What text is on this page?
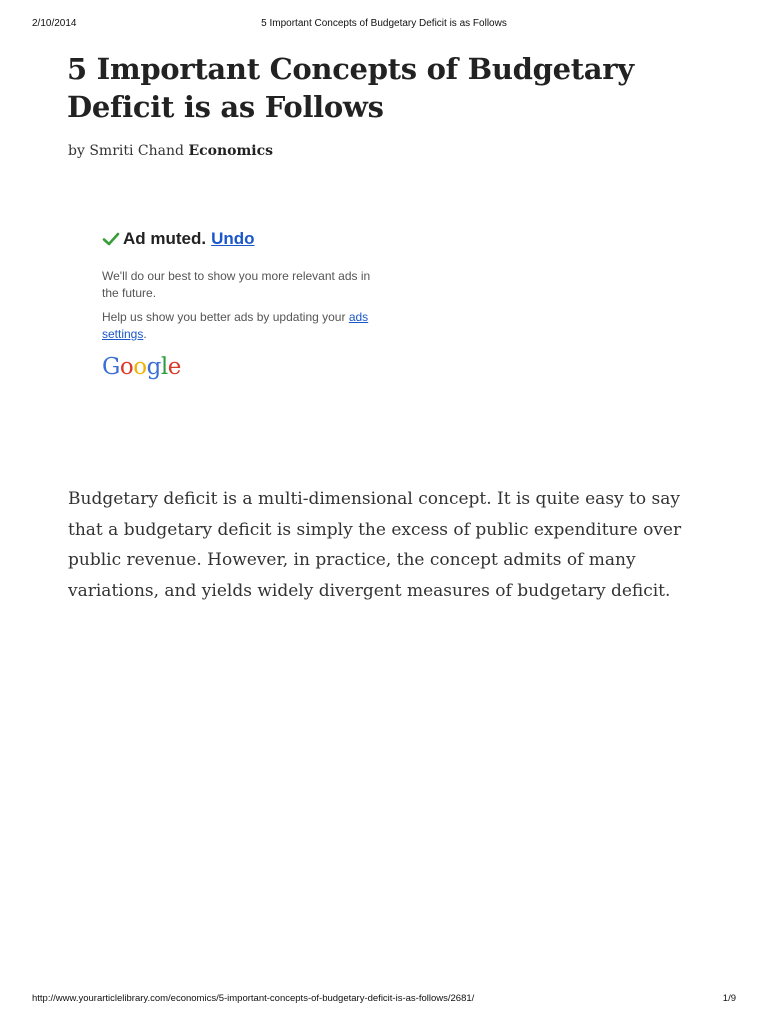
2/10/2014	5 Important Concepts of Budgetary Deficit is as Follows
5 Important Concepts of Budgetary Deficit is as Follows
by Smriti Chand Economics
Ad muted. Undo
We'll do our best to show you more relevant ads in the future.
Help us show you better ads by updating your ads settings.
Google

Budgetary deficit is a multi-dimensional concept. It is quite easy to say that a budgetary deficit is simply the excess of public expenditure over public revenue. However, in practice, the concept admits of many variations, and yields widely divergent measures of budgetary deficit.

http://www.yourarticlelibrary.com/economics/5-important-concepts-of-budgetary-deficit-is-as-follows/2681/	1/9
